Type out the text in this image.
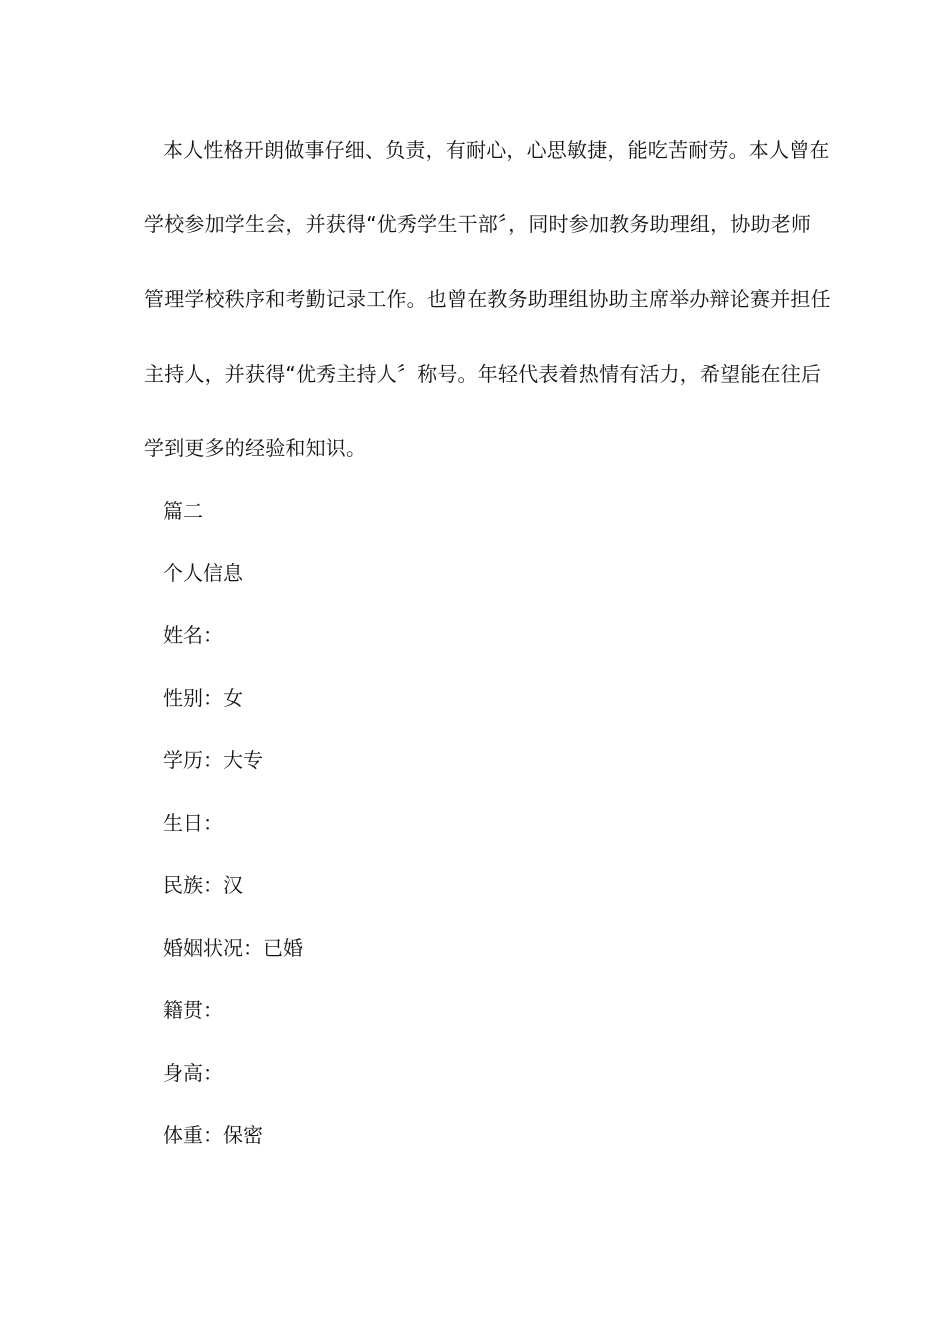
本人性格开朗做事仔细、负责，有耐心，心思敏捷，能吃苦耐劳。本人曾在
学校参加学生会，并获得“优秀学生干部〞，同时参加教务助理组，协助老师
管理学校秩序和考勤记录工作。也曾在教务助理组协助主席举办辩论赛并担任
主持人，并获得“优秀主持人〞称号。年轻代表着热情有活力，希望能在往后
学到更多的经验和知识。
篇二
个人信息
姓名：
性别：女
学历：大专
生日：
民族：汉
婚姻状况：已婚
籍贯：
身高：
体重：保密
